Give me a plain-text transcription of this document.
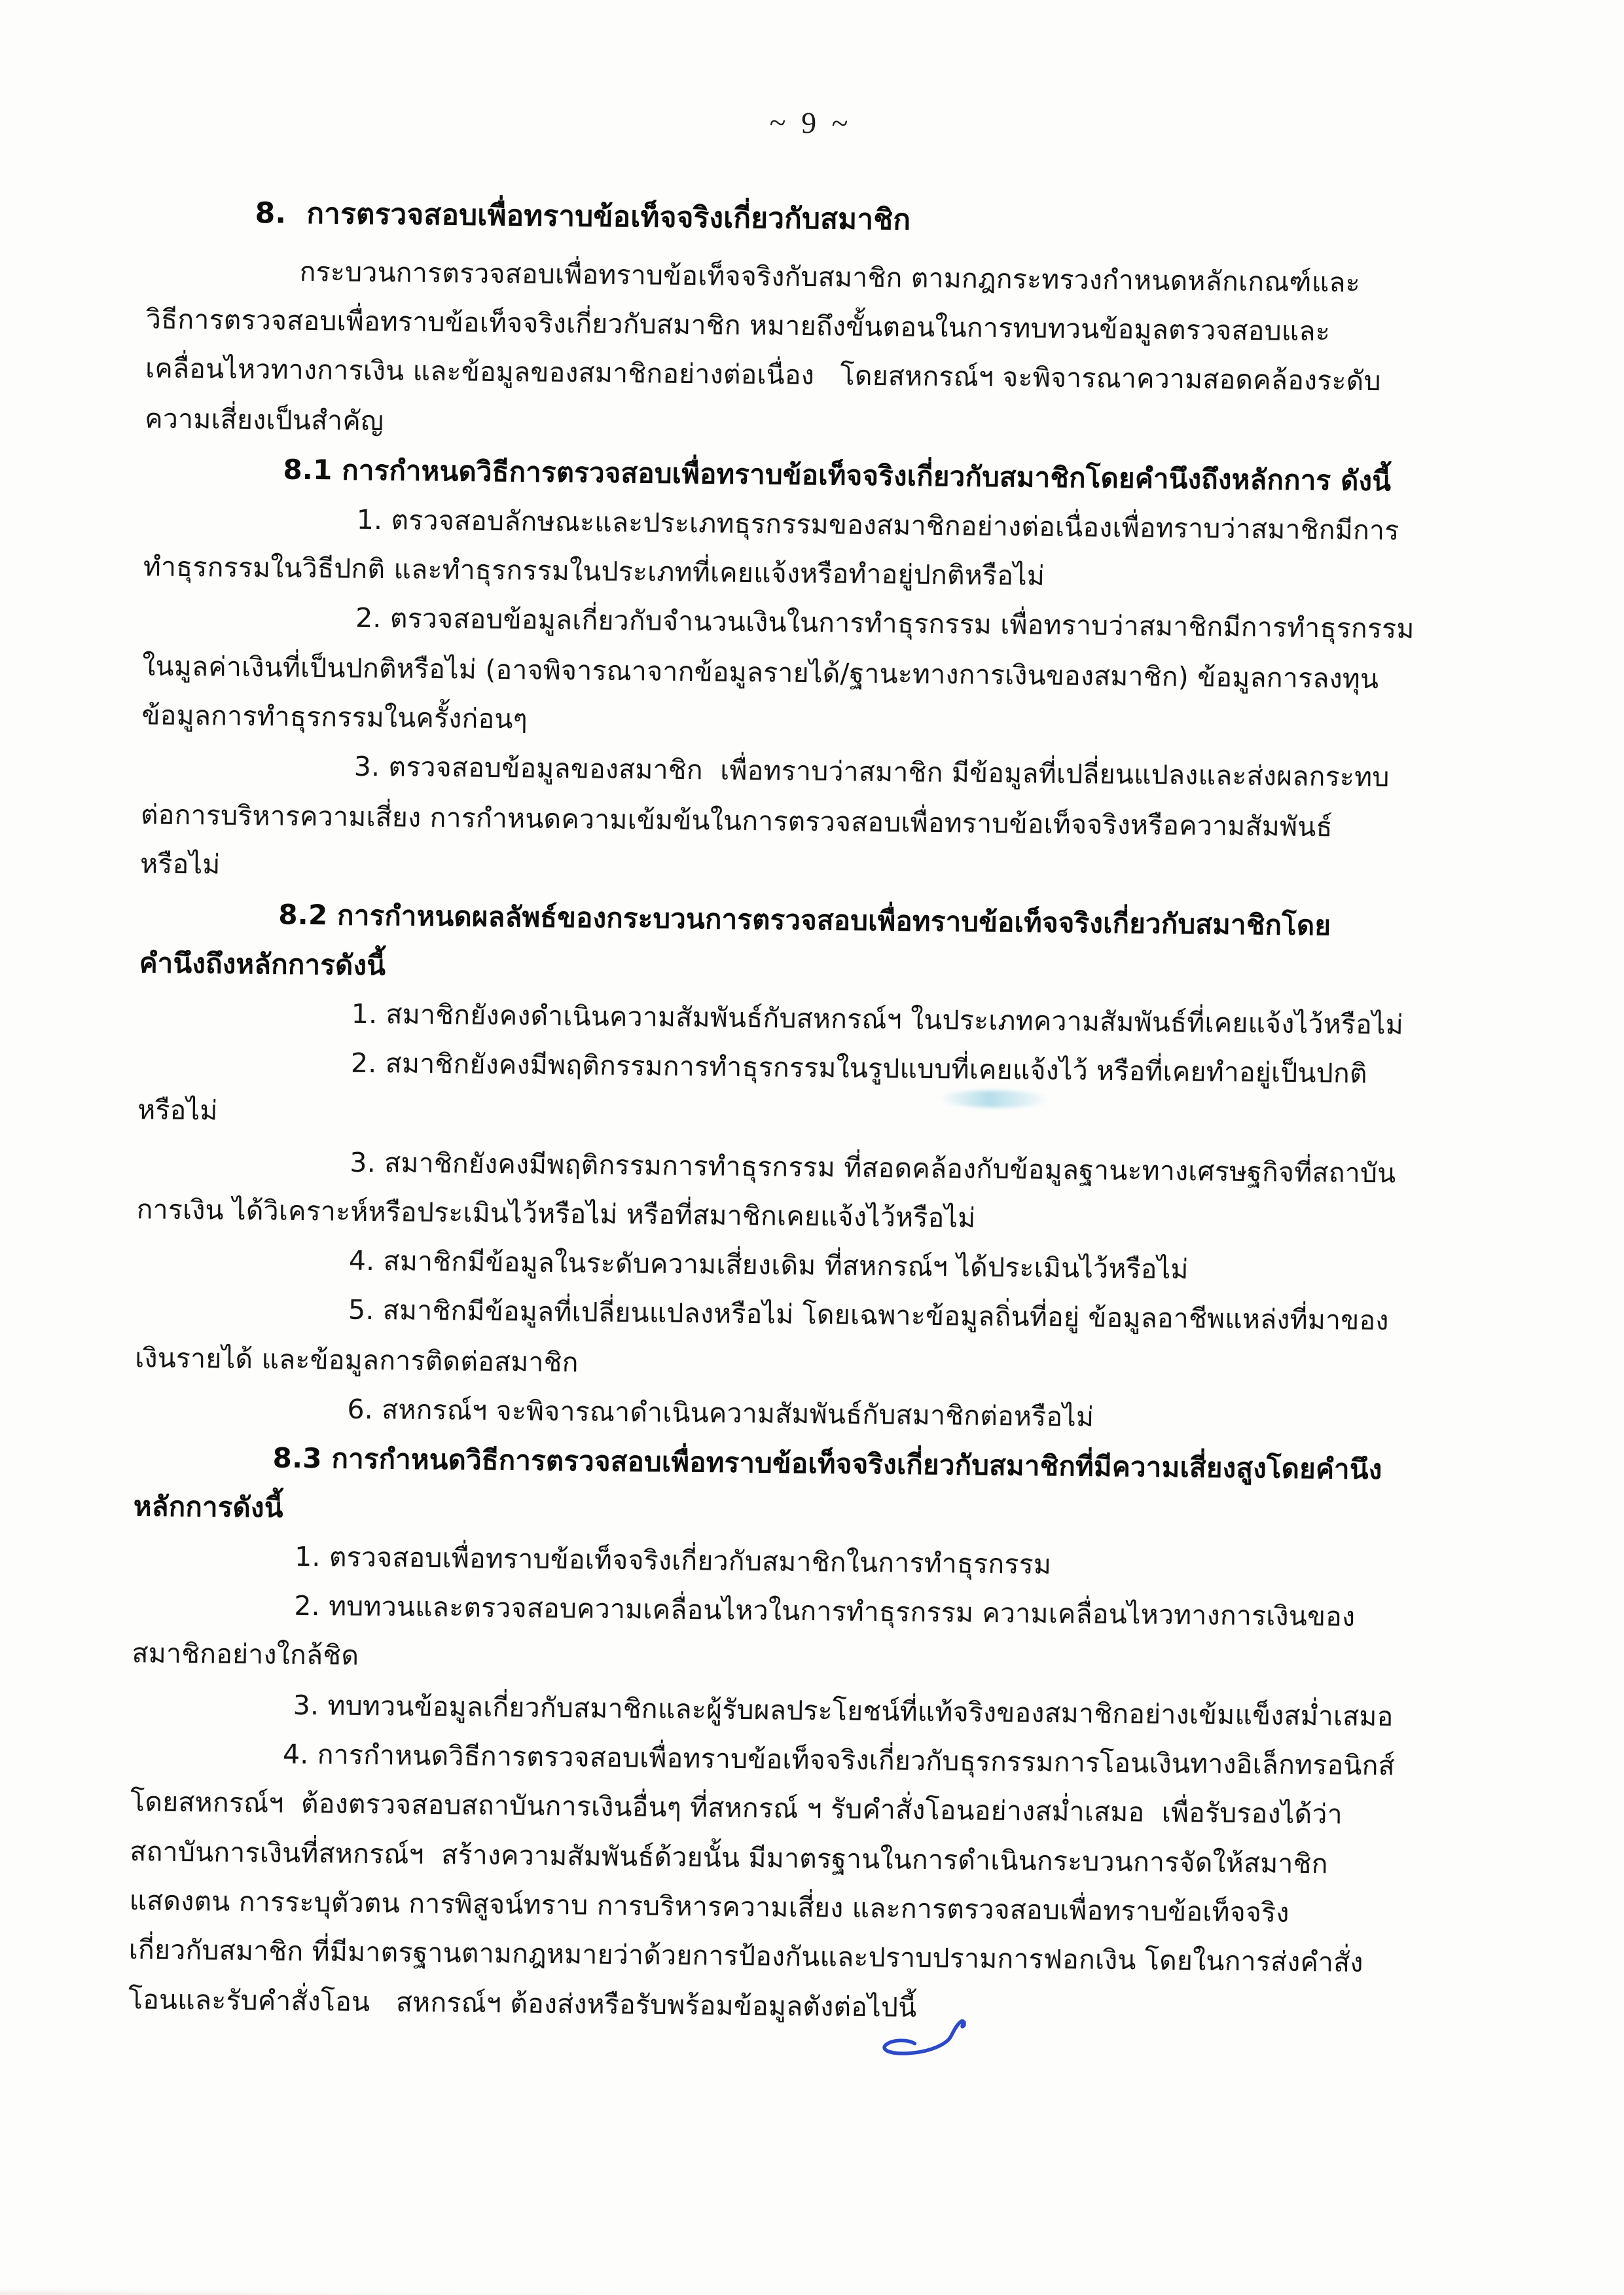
~ 9 ~
8.  การตรวจสอบเพื่อทราบข้อเท็จจริงเกี่ยวกับสมาชิก
กระบวนการตรวจสอบเพื่อทราบข้อเท็จจริงกับสมาชิก ตามกฎกระทรวงกำหนดหลักเกณฑ์และ
วิธีการตรวจสอบเพื่อทราบข้อเท็จจริงเกี่ยวกับสมาชิก หมายถึงขั้นตอนในการทบทวนข้อมูลตรวจสอบและ
เคลื่อนไหวทางการเงิน และข้อมูลของสมาชิกอย่างต่อเนื่อง   โดยสหกรณ์ฯ จะพิจารณาความสอดคล้องระดับ
ความเสี่ยงเป็นสำคัญ
8.1 การกำหนดวิธีการตรวจสอบเพื่อทราบข้อเท็จจริงเกี่ยวกับสมาชิกโดยคำนึงถึงหลักการ ดังนี้
1. ตรวจสอบลักษณะและประเภทธุรกรรมของสมาชิกอย่างต่อเนื่องเพื่อทราบว่าสมาชิกมีการ
ทำธุรกรรมในวิธีปกติ และทำธุรกรรมในประเภทที่เคยแจ้งหรือทำอยู่ปกติหรือไม่
2. ตรวจสอบข้อมูลเกี่ยวกับจำนวนเงินในการทำธุรกรรม เพื่อทราบว่าสมาชิกมีการทำธุรกรรม
ในมูลค่าเงินที่เป็นปกติหรือไม่ (อาจพิจารณาจากข้อมูลรายได้/ฐานะทางการเงินของสมาชิก) ข้อมูลการลงทุน
ข้อมูลการทำธุรกรรมในครั้งก่อนๆ
3. ตรวจสอบข้อมูลของสมาชิก  เพื่อทราบว่าสมาชิก มีข้อมูลที่เปลี่ยนแปลงและส่งผลกระทบ
ต่อการบริหารความเสี่ยง การกำหนดความเข้มข้นในการตรวจสอบเพื่อทราบข้อเท็จจริงหรือความสัมพันธ์
หรือไม่
8.2 การกำหนดผลลัพธ์ของกระบวนการตรวจสอบเพื่อทราบข้อเท็จจริงเกี่ยวกับสมาชิกโดย
คำนึงถึงหลักการดังนี้
1. สมาชิกยังคงดำเนินความสัมพันธ์กับสหกรณ์ฯ ในประเภทความสัมพันธ์ที่เคยแจ้งไว้หรือไม่
2. สมาชิกยังคงมีพฤติกรรมการทำธุรกรรมในรูปแบบที่เคยแจ้งไว้ หรือที่เคยทำอยู่เป็นปกติ
หรือไม่
3. สมาชิกยังคงมีพฤติกรรมการทำธุรกรรม ที่สอดคล้องกับข้อมูลฐานะทางเศรษฐกิจที่สถาบัน
การเงิน ได้วิเคราะห์หรือประเมินไว้หรือไม่ หรือที่สมาชิกเคยแจ้งไว้หรือไม่
4. สมาชิกมีข้อมูลในระดับความเสี่ยงเดิม ที่สหกรณ์ฯ ได้ประเมินไว้หรือไม่
5. สมาชิกมีข้อมูลที่เปลี่ยนแปลงหรือไม่ โดยเฉพาะข้อมูลถิ่นที่อยู่ ข้อมูลอาชีพแหล่งที่มาของ
เงินรายได้ และข้อมูลการติดต่อสมาชิก
6. สหกรณ์ฯ จะพิจารณาดำเนินความสัมพันธ์กับสมาชิกต่อหรือไม่
8.3 การกำหนดวิธีการตรวจสอบเพื่อทราบข้อเท็จจริงเกี่ยวกับสมาชิกที่มีความเสี่ยงสูงโดยคำนึง
หลักการดังนี้
1. ตรวจสอบเพื่อทราบข้อเท็จจริงเกี่ยวกับสมาชิกในการทำธุรกรรม
2. ทบทวนและตรวจสอบความเคลื่อนไหวในการทำธุรกรรม ความเคลื่อนไหวทางการเงินของ
สมาชิกอย่างใกล้ชิด
3. ทบทวนข้อมูลเกี่ยวกับสมาชิกและผู้รับผลประโยชน์ที่แท้จริงของสมาชิกอย่างเข้มแข็งสม่ำเสมอ
4. การกำหนดวิธีการตรวจสอบเพื่อทราบข้อเท็จจริงเกี่ยวกับธุรกรรมการโอนเงินทางอิเล็กทรอนิกส์
โดยสหกรณ์ฯ  ต้องตรวจสอบสถาบันการเงินอื่นๆ ที่สหกรณ์ ฯ รับคำสั่งโอนอย่างสม่ำเสมอ  เพื่อรับรองได้ว่า
สถาบันการเงินที่สหกรณ์ฯ  สร้างความสัมพันธ์ด้วยนั้น มีมาตรฐานในการดำเนินกระบวนการจัดให้สมาชิก
แสดงตน การระบุตัวตน การพิสูจน์ทราบ การบริหารความเสี่ยง และการตรวจสอบเพื่อทราบข้อเท็จจริง
เกี่ยวกับสมาชิก ที่มีมาตรฐานตามกฎหมายว่าด้วยการป้องกันและปราบปรามการฟอกเงิน โดยในการส่งคำสั่ง
โอนและรับคำสั่งโอน   สหกรณ์ฯ ต้องส่งหรือรับพร้อมข้อมูลตังต่อไปนี้
